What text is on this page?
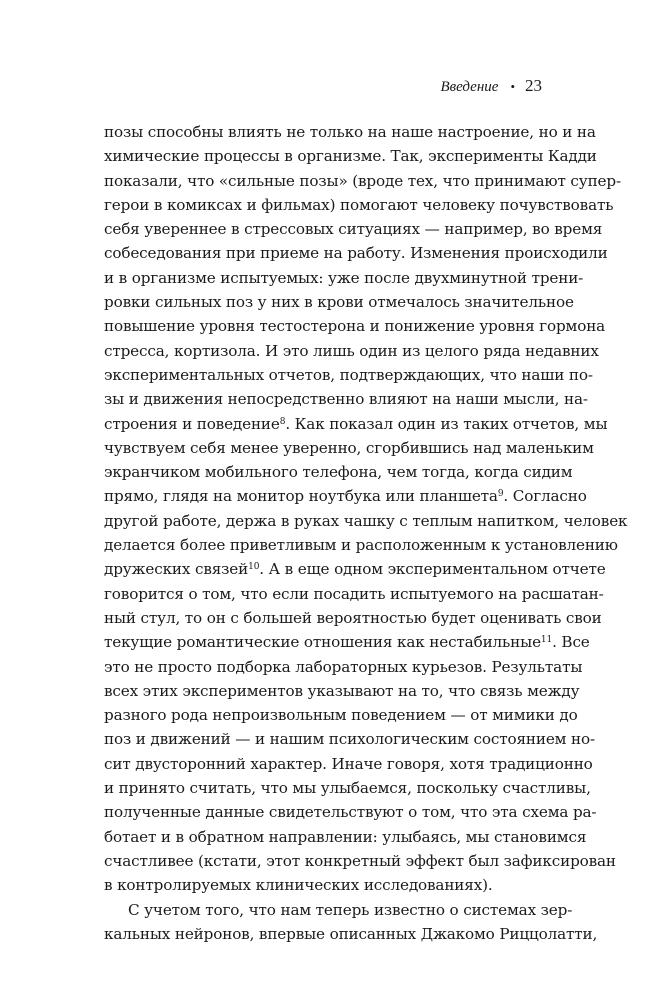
Введение • 23
позы способны влиять не только на наше настроение, но и на
химические процессы в организме. Так, эксперименты Кадди
показали, что «сильные позы» (вроде тех, что принимают супер-
герои в комиксах и фильмах) помогают человеку почувствовать
себя увереннее в стрессовых ситуациях — например, во время
собеседования при приеме на работу. Изменения происходили
и в организме испытуемых: уже после двухминутной трени-
ровки сильных поз у них в крови отмечалось значительное
повышение уровня тестостерона и понижение уровня гормона
стресса, кортизола. И это лишь один из целого ряда недавних
экспериментальных отчетов, подтверждающих, что наши по-
зы и движения непосредственно влияют на наши мысли, на-
строения и поведение$^8$. Как показал один из таких отчетов, мы
чувствуем себя менее уверенно, сгорбившись над маленьким
экранчиком мобильного телефона, чем тогда, когда сидим
прямо, глядя на монитор ноутбука или планшета$^9$. Согласно
другой работе, держа в руках чашку с теплым напитком, человек
делается более приветливым и расположенным к установлению
дружеских связей$^{10}$. А в еще одном экспериментальном отчете
говорится о том, что если посадить испытуемого на расшатан-
ный стул, то он с большей вероятностью будет оценивать свои
текущие романтические отношения как нестабильные$^{11}$. Все
это не просто подборка лабораторных курьезов. Результаты
всех этих экспериментов указывают на то, что связь между
разного рода непроизвольным поведением — от мимики до
поз и движений — и нашим психологическим состоянием но-
сит двусторонний характер. Иначе говоря, хотя традиционно
и принято считать, что мы улыбаемся, поскольку счастливы,
полученные данные свидетельствуют о том, что эта схема ра-
ботает и в обратном направлении: улыбаясь, мы становимся
счастливее (кстати, этот конкретный эффект был зафиксирован
в контролируемых клинических исследованиях).
С учетом того, что нам теперь известно о системах зер-
кальных нейронов, впервые описанных Джакомо Риццолатти,
